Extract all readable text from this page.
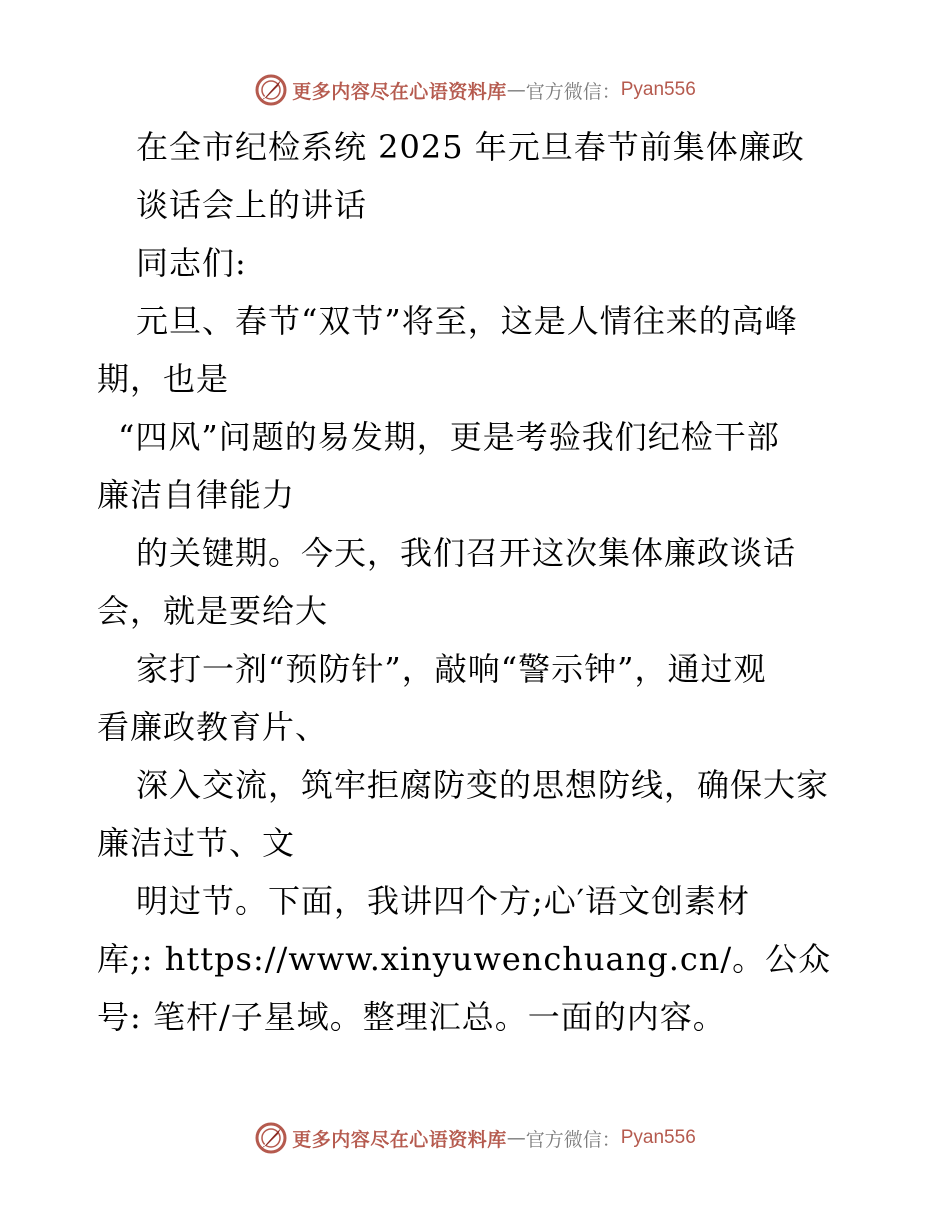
更多内容尽在心语资料库 — 官方微信： Pyan556
在全市纪检系统 2025 年元旦春节前集体廉政
谈话会上的讲话
同志们:
元旦、春节“双节”将至，这是人情往来的高峰
期，也是
“四风”问题的易发期，更是考验我们纪检干部
廉洁自律能力
的关键期。今天，我们召开这次集体廉政谈话
会，就是要给大
家打一剂“预防针”，敲响“警示钟”，通过观
看廉政教育片、
深入交流，筑牢拒腐防变的思想防线，确保大家
廉洁过节、文
明过节。下面，我讲四个方;心′语文创素材
库;: https://www.xinyuwenchuang.cn/。公众
号: 笔杆/子星域。整理汇总。一面的内容。
更多内容尽在心语资料库 — 官方微信： Pyan556
